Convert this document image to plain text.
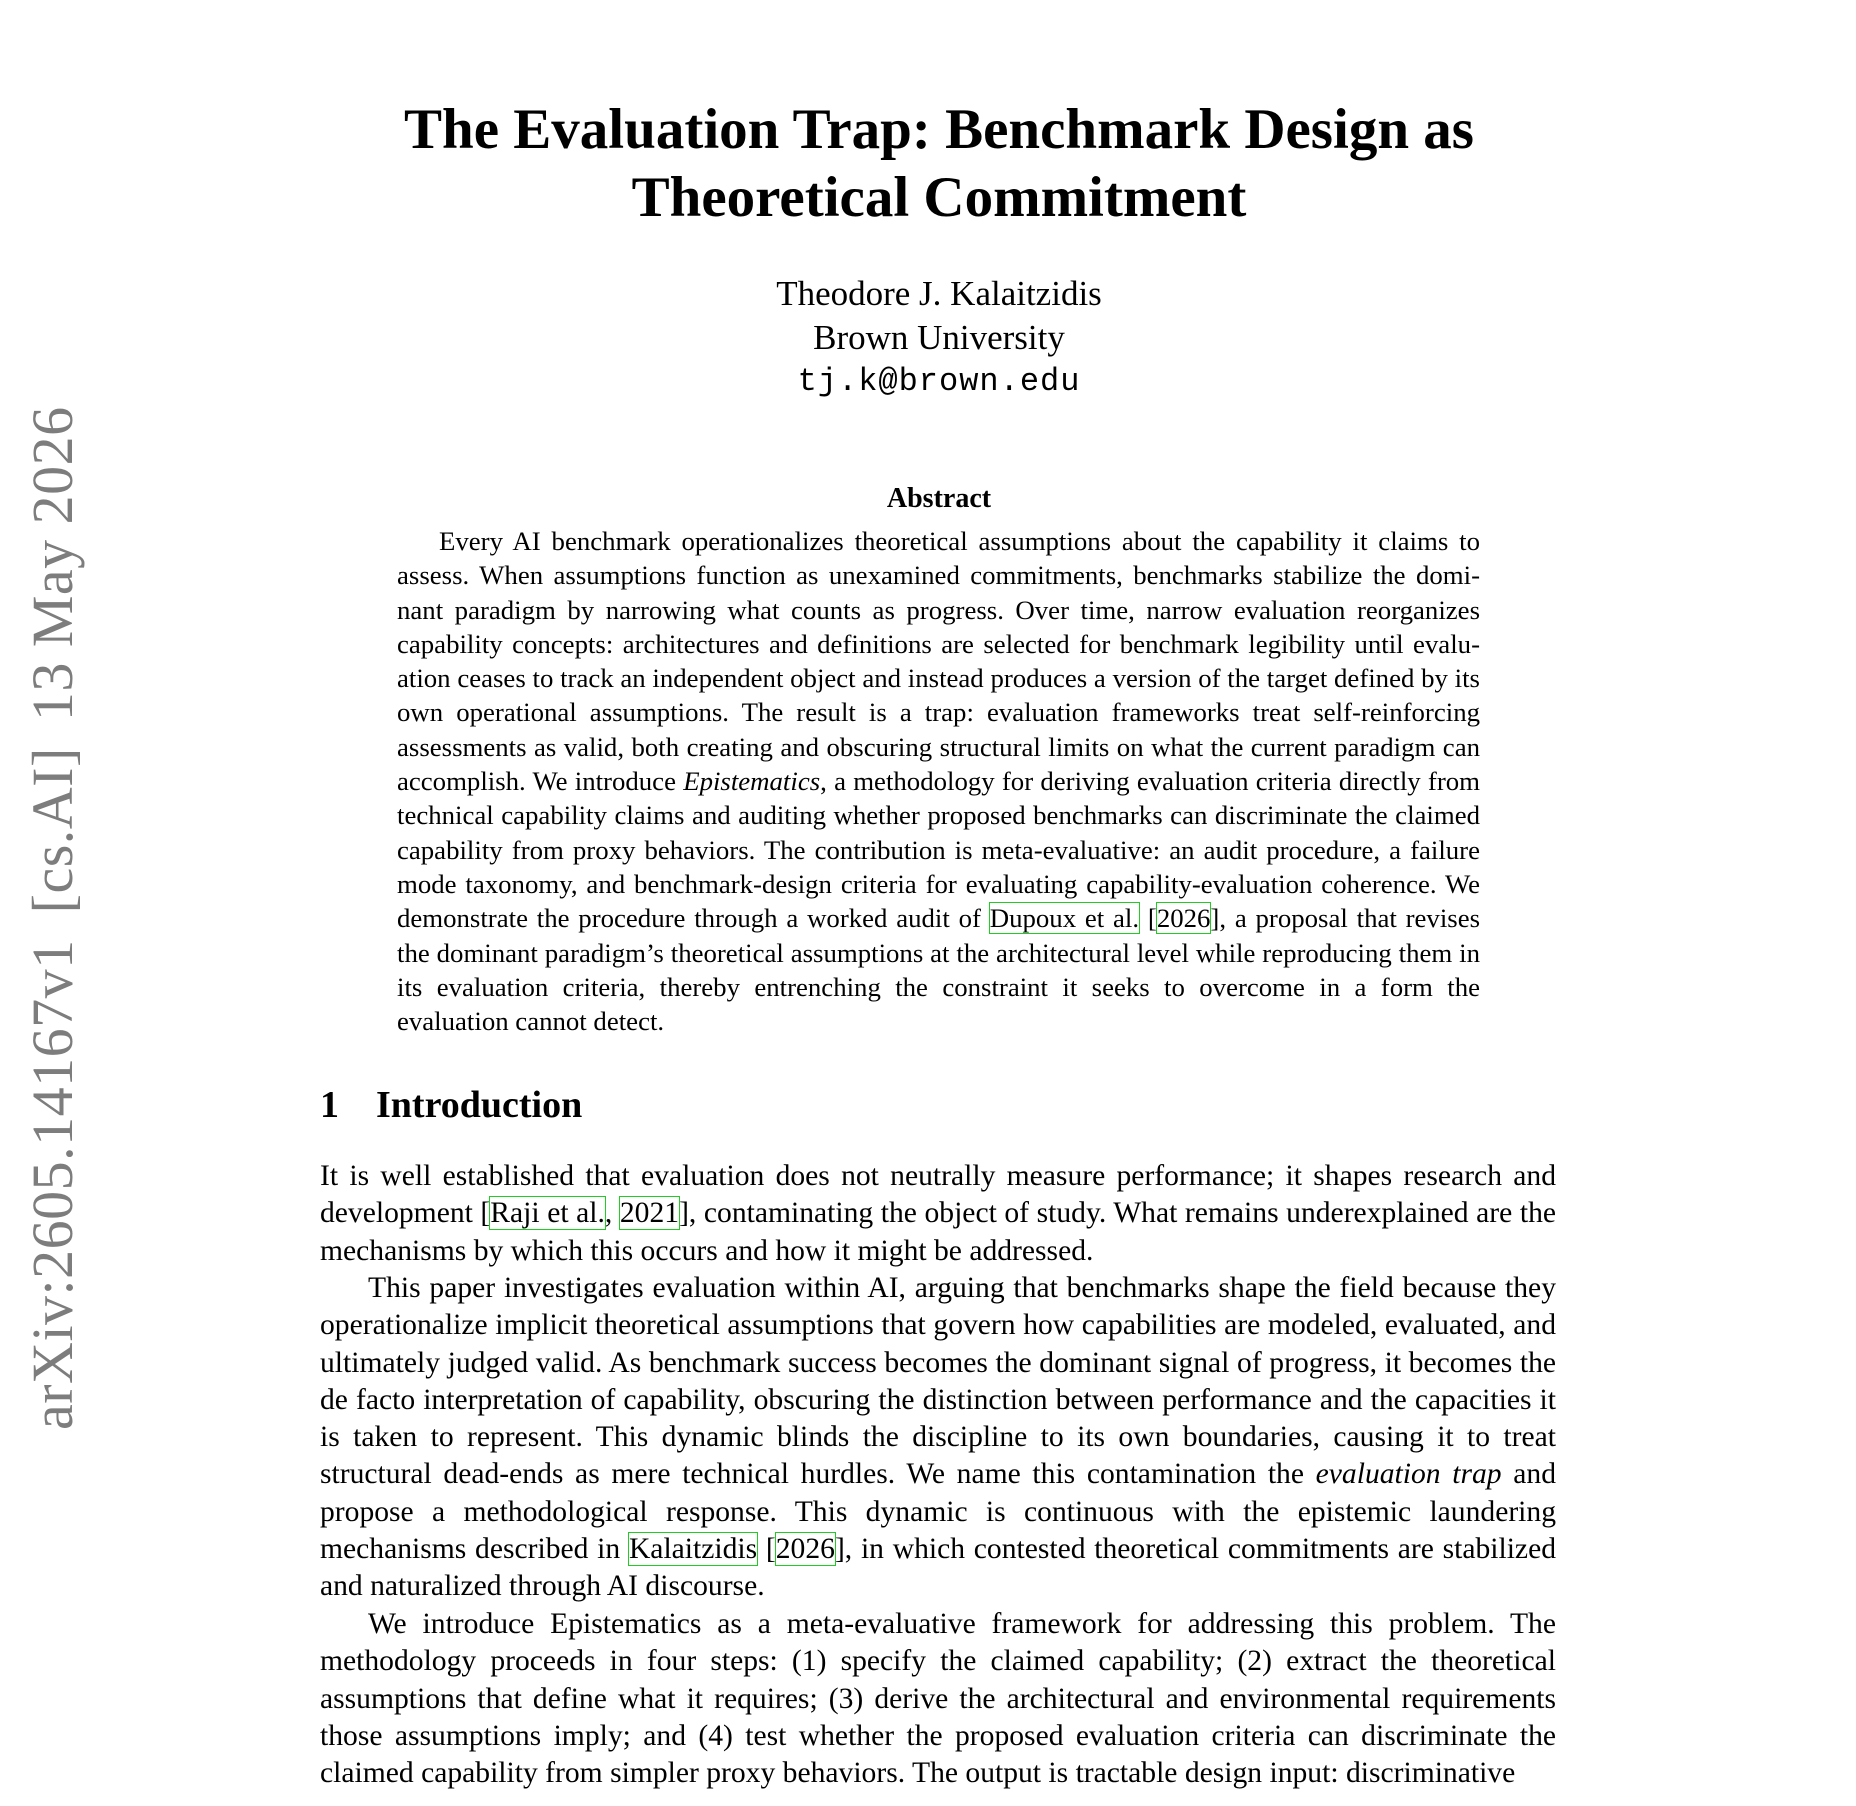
arXiv:2605.14167v1[cs.AI]13 May 2026
The Evaluation Trap: Benchmark Design as
Theoretical Commitment
Theodore J. Kalaitzidis
Brown University
tj.k@brown.edu
Abstract

Every AI benchmark operationalizes theoretical assumptions about the capability it claims to assess. When assumptions function as unexamined commitments, benchmarks stabilize the dominant paradigm by narrowing what counts as progress. Over time, narrow evaluation reorganizes capability concepts: architectures and definitions are selected for benchmark legibility until evaluation ceases to track an independent object and instead produces a version of the target defined by its own operational assumptions. The result is a trap: evaluation frameworks treat self-reinforcing assessments as valid, both creating and obscuring structural limits on what the current paradigm can accomplish. We introduce Epistematics, a methodology for deriving evaluation criteria directly from technical capability claims and auditing whether proposed benchmarks can discriminate the claimed capability from proxy behaviors. The contribution is meta-evaluative: an audit procedure, a failure mode taxonomy, and benchmark-design criteria for evaluating capability-evaluation coherence. We demonstrate the procedure through a worked audit of Dupoux et al. [2026], a proposal that revises the dominant paradigm’s theoretical assumptions at the architectural level while reproducing them in its evaluation criteria, thereby entrenching the constraint it seeks to overcome in a form the evaluation cannot detect.

1 Introduction

It is well established that evaluation does not neutrally measure performance; it shapes research and development [Raji et al., 2021], contaminating the object of study. What remains underexplained are the mechanisms by which this occurs and how it might be addressed.

This paper investigates evaluation within AI, arguing that benchmarks shape the field because they operationalize implicit theoretical assumptions that govern how capabilities are modeled, evaluated, and ultimately judged valid. As benchmark success becomes the dominant signal of progress, it becomes the de facto interpretation of capability, obscuring the distinction between performance and the capacities it is taken to represent. This dynamic blinds the discipline to its own boundaries, causing it to treat structural dead-ends as mere technical hurdles. We name this contamination the evaluation trap and propose a methodological response. This dynamic is continuous with the epistemic laundering mechanisms described in Kalaitzidis [2026], in which contested theoretical commitments are stabilized and naturalized through AI discourse.

We introduce Epistematics as a meta-evaluative framework for addressing this problem. The methodology proceeds in four steps: (1) specify the claimed capability; (2) extract the theoretical assumptions that define what it requires; (3) derive the architectural and environmental requirements those assumptions imply; and (4) test whether the proposed evaluation criteria can discriminate the claimed capability from simpler proxy behaviors. The output is tractable design input: discriminative
